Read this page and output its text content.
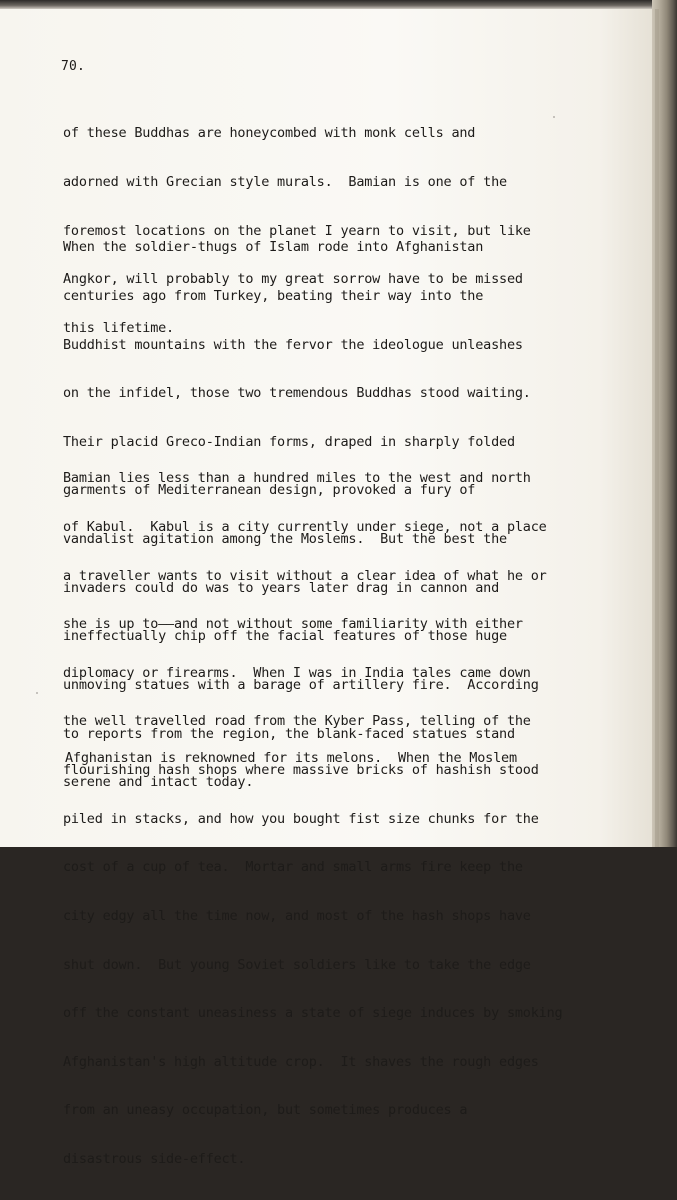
70.

of these Buddhas are honeycombed with monk cells and

adorned with Grecian style murals.  Bamian is one of the

foremost locations on the planet I yearn to visit, but like

Angkor, will probably to my great sorrow have to be missed

this lifetime.

When the soldier-thugs of Islam rode into Afghanistan

centuries ago from Turkey, beating their way into the

Buddhist mountains with the fervor the ideologue unleashes

on the infidel, those two tremendous Buddhas stood waiting.

Their placid Greco-Indian forms, draped in sharply folded

garments of Mediterranean design, provoked a fury of

vandalist agitation among the Moslems.  But the best the

invaders could do was to years later drag in cannon and

ineffectually chip off the facial features of those huge

unmoving statues with a barage of artillery fire.  According

to reports from the region, the blank-faced statues stand

serene and intact today.

Bamian lies less than a hundred miles to the west and north

of Kabul.  Kabul is a city currently under siege, not a place

a traveller wants to visit without a clear idea of what he or

she is up to——and not without some familiarity with either

diplomacy or firearms.  When I was in India tales came down

the well travelled road from the Kyber Pass, telling of the

flourishing hash shops where massive bricks of hashish stood

piled in stacks, and how you bought fist size chunks for the

cost of a cup of tea.  Mortar and small arms fire keep the

city edgy all the time now, and most of the hash shops have

shut down.  But young Soviet soldiers like to take the edge

off the constant uneasiness a state of siege induces by smoking

Afghanistan's high altitude crop.  It shaves the rough edges

from an uneasy occupation, but sometimes produces a

disastrous side-effect.

Afghanistan is reknowned for its melons.  When the Moslem
